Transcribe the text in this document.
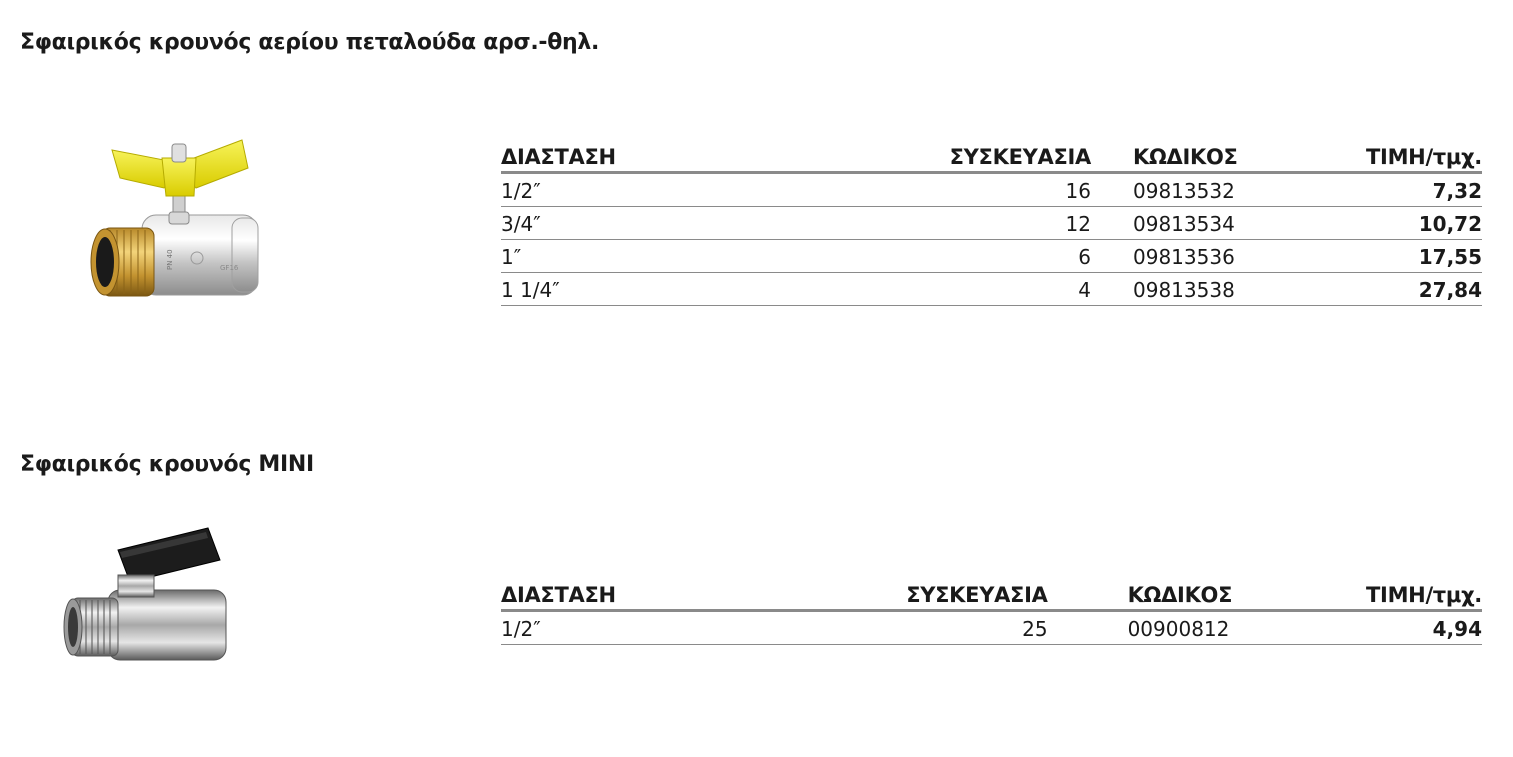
Σφαιρικός κρουνός αερίου πεταλούδα αρσ.-θηλ.
GF16
PN 40
ΔΙΑΣΤΑΣΗ	ΣΥΣΚΕΥΑΣΙΑ	ΚΩΔΙΚΟΣ	ΤΙΜΗ/τμχ.
1/2″	16	09813532	7,32
3/4″	12	09813534	10,72
1″	6	09813536	17,55
1 1/4″	4	09813538	27,84
Σφαιρικός κρουνός MINI
ΔΙΑΣΤΑΣΗ	ΣΥΣΚΕΥΑΣΙΑ	ΚΩΔΙΚΟΣ	ΤΙΜΗ/τμχ.
1/2″	25	00900812	4,94
